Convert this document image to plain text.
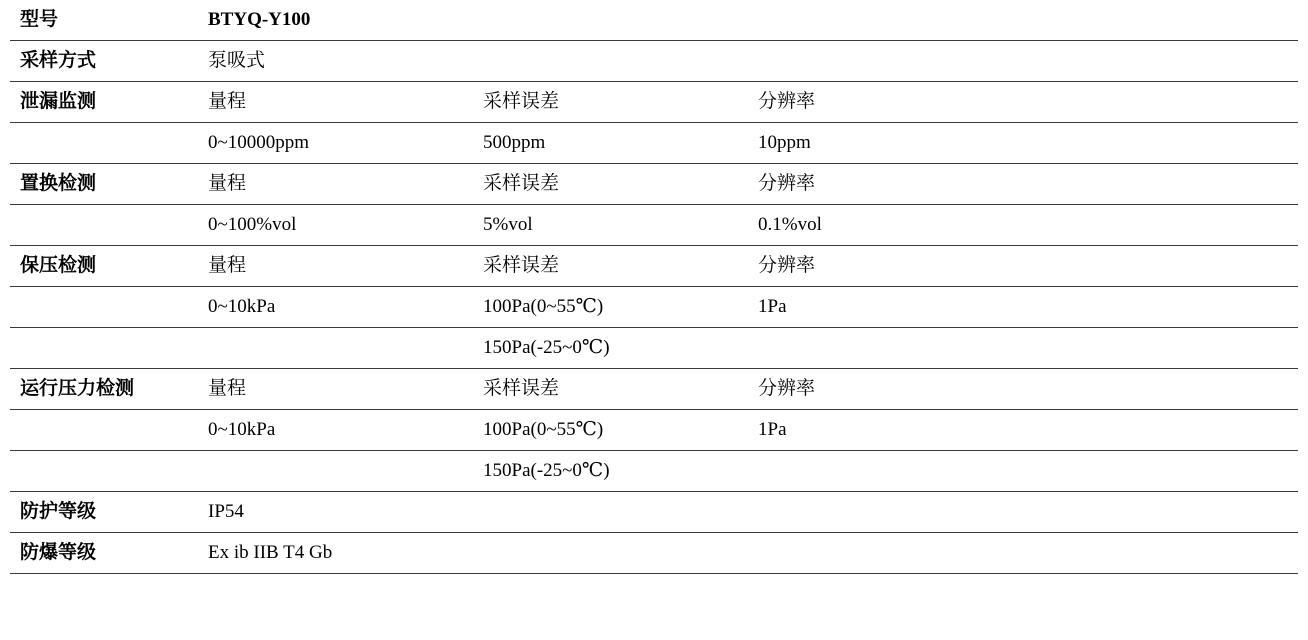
型号	BTYQ-Y100			

采样方式	泵吸式			

泄漏监测	量程	采样误差	分辨率	

	0~10000ppm	500ppm	10ppm	

置换检测	量程	采样误差	分辨率	

	0~100%vol	5%vol	0.1%vol	

保压检测	量程	采样误差	分辨率	

	0~10kPa	100Pa(0~55℃)	1Pa	

		150Pa(-25~0℃)		

运行压力检测	量程	采样误差	分辨率	

	0~10kPa	100Pa(0~55℃)	1Pa	

		150Pa(-25~0℃)		

防护等级	IP54			

防爆等级	Ex ib IIB T4 Gb			
